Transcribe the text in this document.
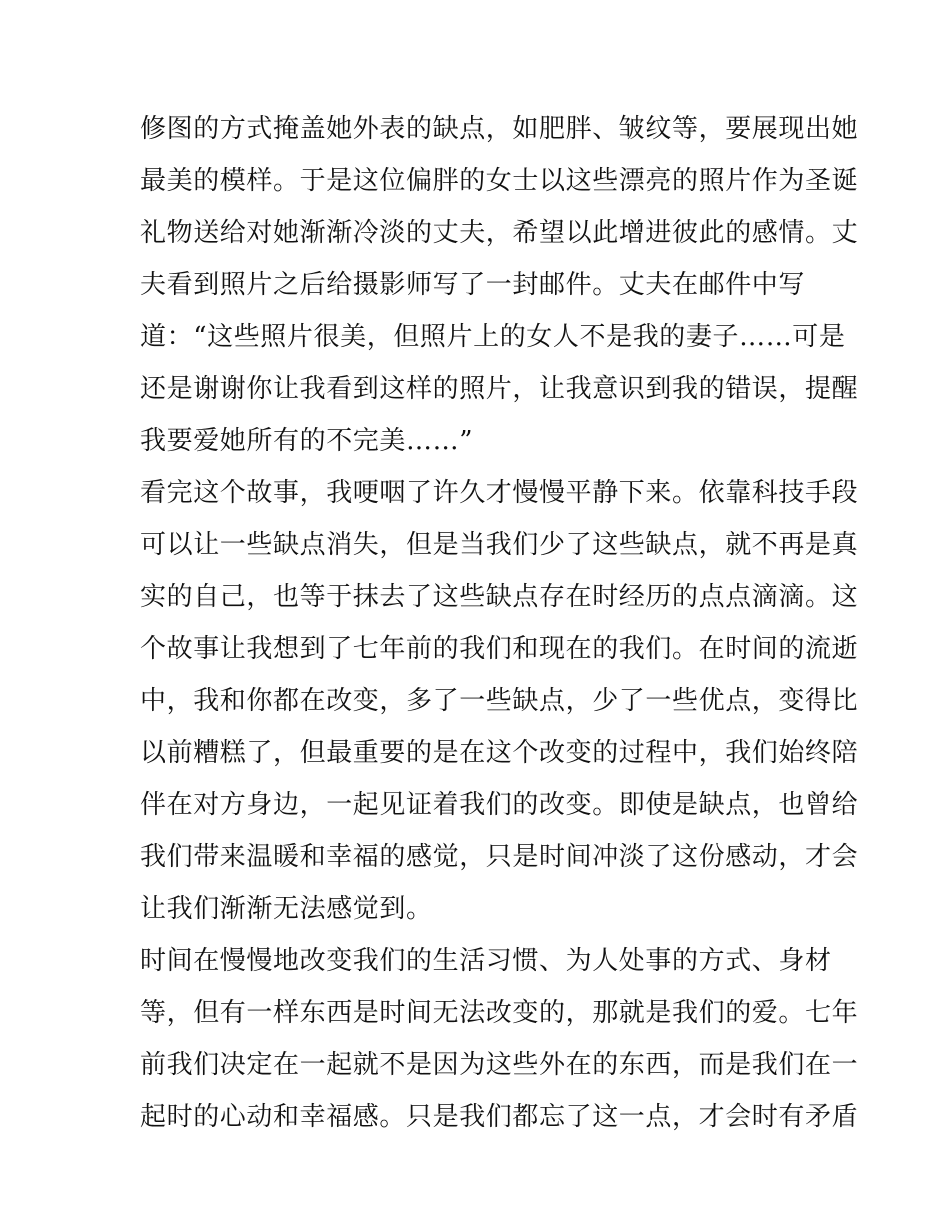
修图的方式掩盖她外表的缺点，如肥胖、皱纹等，要展现出她
最美的模样。于是这位偏胖的女士以这些漂亮的照片作为圣诞
礼物送给对她渐渐冷淡的丈夫，希望以此增进彼此的感情。丈
夫看到照片之后给摄影师写了一封邮件。丈夫在邮件中写
道：“这些照片很美，但照片上的女人不是我的妻子……可是
还是谢谢你让我看到这样的照片，让我意识到我的错误，提醒
我要爱她所有的不完美……”
看完这个故事，我哽咽了许久才慢慢平静下来。依靠科技手段
可以让一些缺点消失，但是当我们少了这些缺点，就不再是真
实的自己，也等于抹去了这些缺点存在时经历的点点滴滴。这
个故事让我想到了七年前的我们和现在的我们。在时间的流逝
中，我和你都在改变，多了一些缺点，少了一些优点，变得比
以前糟糕了，但最重要的是在这个改变的过程中，我们始终陪
伴在对方身边，一起见证着我们的改变。即使是缺点，也曾给
我们带来温暖和幸福的感觉，只是时间冲淡了这份感动，才会
让我们渐渐无法感觉到。
时间在慢慢地改变我们的生活习惯、为人处事的方式、身材
等，但有一样东西是时间无法改变的，那就是我们的爱。七年
前我们决定在一起就不是因为这些外在的东西，而是我们在一
起时的心动和幸福感。只是我们都忘了这一点，才会时有矛盾
